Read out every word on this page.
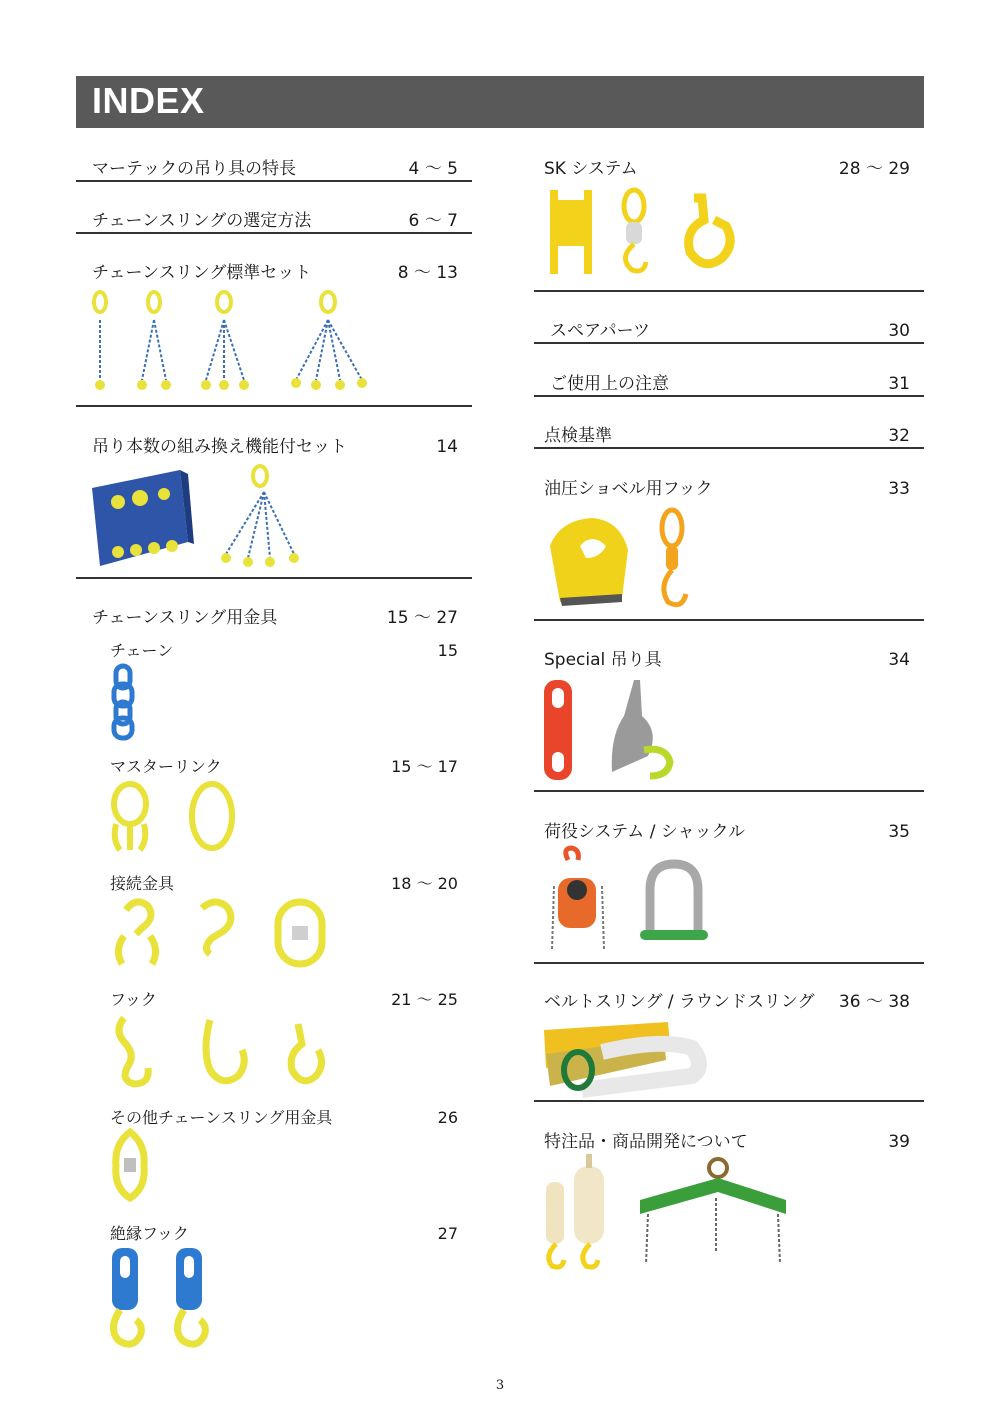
INDEX
マーテックの吊り具の特長	4 ～ 5
チェーンスリングの選定方法	6 ～ 7
チェーンスリング標準セット	8 ～ 13
吊り本数の組み換え機能付セット	14
チェーンスリング用金具	15 ～ 27
チェーン	15
マスターリンク	15 ～ 17
接続金具	18 ～ 20
フック	21 ～ 25
その他チェーンスリング用金具	26
絶縁フック	27
SK システム	28 ～ 29
スペアパーツ	30
ご使用上の注意	31
点検基準	32
油圧ショベル用フック	33
Special 吊り具	34
荷役システム / シャックル	35
ベルトスリング / ラウンドスリング 36 ～ 38
特注品・商品開発について	39
3
